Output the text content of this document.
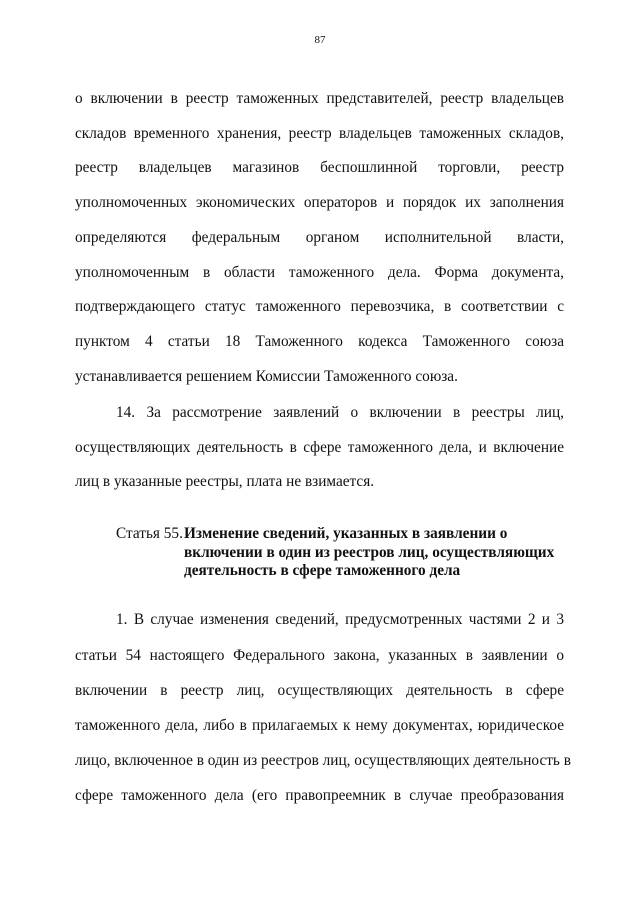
87
о включении в реестр таможенных представителей, реестр владельцев
складов временного хранения, реестр владельцев таможенных складов,
реестр владельцев магазинов беспошлинной торговли, реестр
уполномоченных экономических операторов и порядок их заполнения
определяются федеральным органом исполнительной власти,
уполномоченным в области таможенного дела. Форма документа,
подтверждающего статус таможенного перевозчика, в соответствии с
пунктом 4 статьи 18 Таможенного кодекса Таможенного союза
устанавливается решением Комиссии Таможенного союза.
14. За рассмотрение заявлений о включении в реестры лиц,
осуществляющих деятельность в сфере таможенного дела, и включение
лиц в указанные реестры, плата не взимается.
Статья 55. Изменение сведений, указанных в заявлении о
включении в один из реестров лиц, осуществляющих
деятельность в сфере таможенного дела
1. В случае изменения сведений, предусмотренных частями 2 и 3
статьи 54 настоящего Федерального закона, указанных в заявлении о
включении в реестр лиц, осуществляющих деятельность в сфере
таможенного дела, либо в прилагаемых к нему документах, юридическое
лицо, включенное в один из реестров лиц, осуществляющих деятельность в
сфере таможенного дела (его правопреемник в случае преобразования
